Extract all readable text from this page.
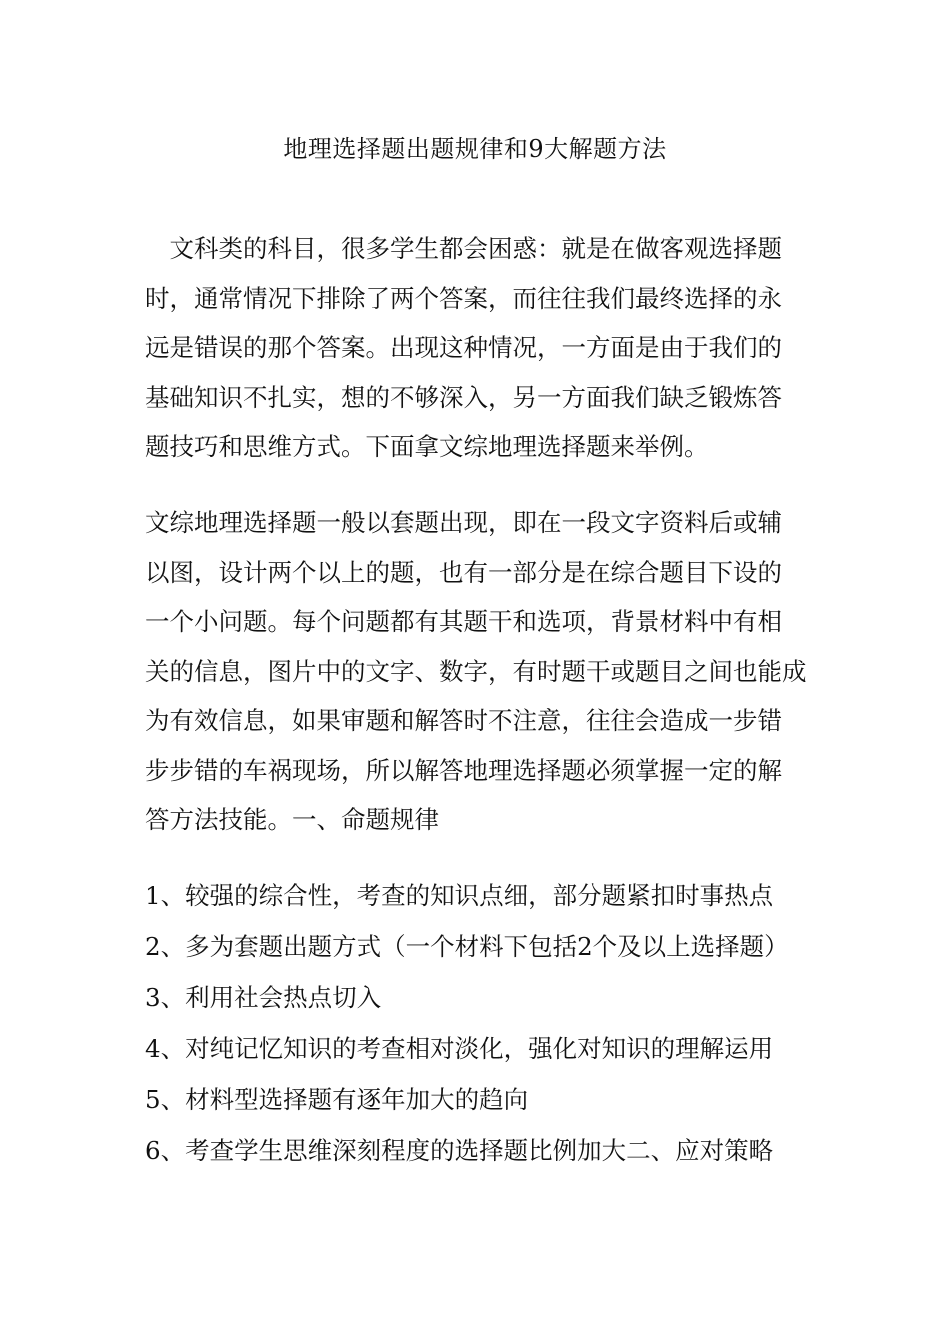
地理选择题出题规律和9大解题方法

　文科类的科目，很多学生都会困惑：就是在做客观选择题
时，通常情况下排除了两个答案，而往往我们最终选择的永
远是错误的那个答案。出现这种情况，一方面是由于我们的
基础知识不扎实，想的不够深入，另一方面我们缺乏锻炼答
题技巧和思维方式。下面拿文综地理选择题来举例。

文综地理选择题一般以套题出现，即在一段文字资料后或辅
以图，设计两个以上的题，也有一部分是在综合题目下设的
一个小问题。每个问题都有其题干和选项，背景材料中有相
关的信息，图片中的文字、数字，有时题干或题目之间也能成
为有效信息，如果审题和解答时不注意，往往会造成一步错
步步错的车祸现场，所以解答地理选择题必须掌握一定的解
答方法技能。一、命题规律

1、较强的综合性，考查的知识点细，部分题紧扣时事热点
2、多为套题出题方式（一个材料下包括2个及以上选择题）
3、利用社会热点切入
4、对纯记忆知识的考查相对淡化，强化对知识的理解运用
5、材料型选择题有逐年加大的趋向
6、考查学生思维深刻程度的选择题比例加大二、应对策略
